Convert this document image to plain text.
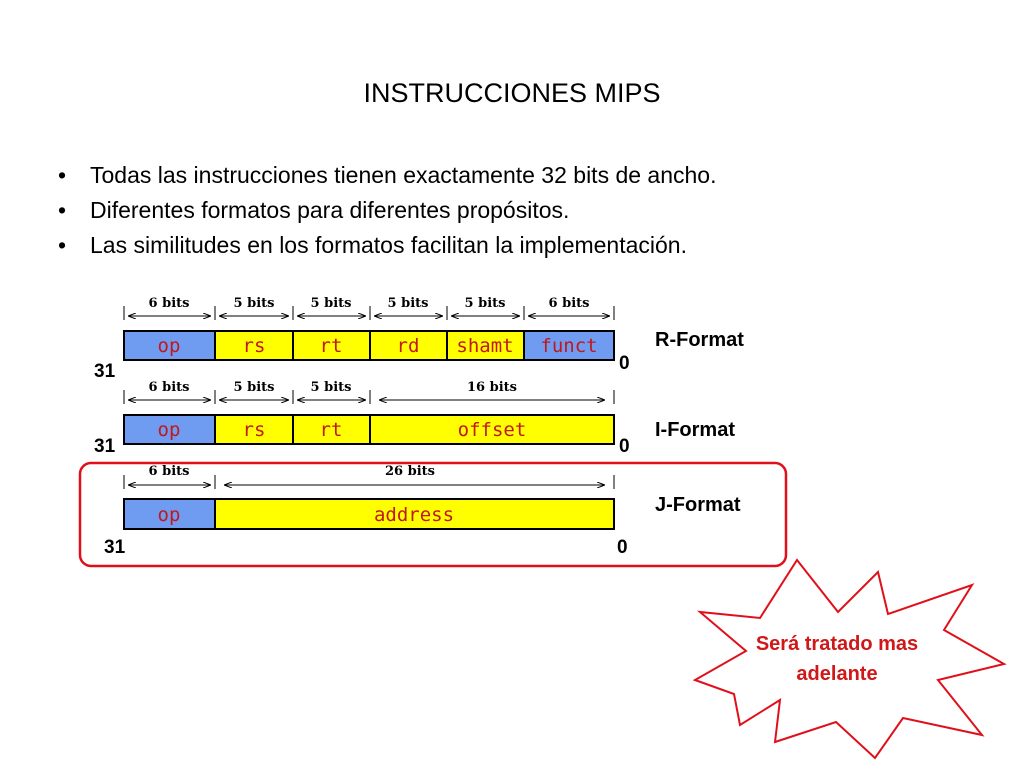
INSTRUCCIONES MIPS
• Todas las instrucciones tienen exactamente 32 bits de ancho.
• Diferentes formatos para diferentes propósitos.
• Las similitudes en los formatos facilitan la implementación.
6 bits	5 bits	5 bits	5 bits	5 bits	6 bits
op	rs	rt	rd shamt funct
31	0
R-Format
6 bits	5 bits	5 bits	16 bits
op	rs	rt	offset
31	0
I-Format
6 bits	26 bits
op	address
31	0
J-Format
Será tratado mas
adelante
